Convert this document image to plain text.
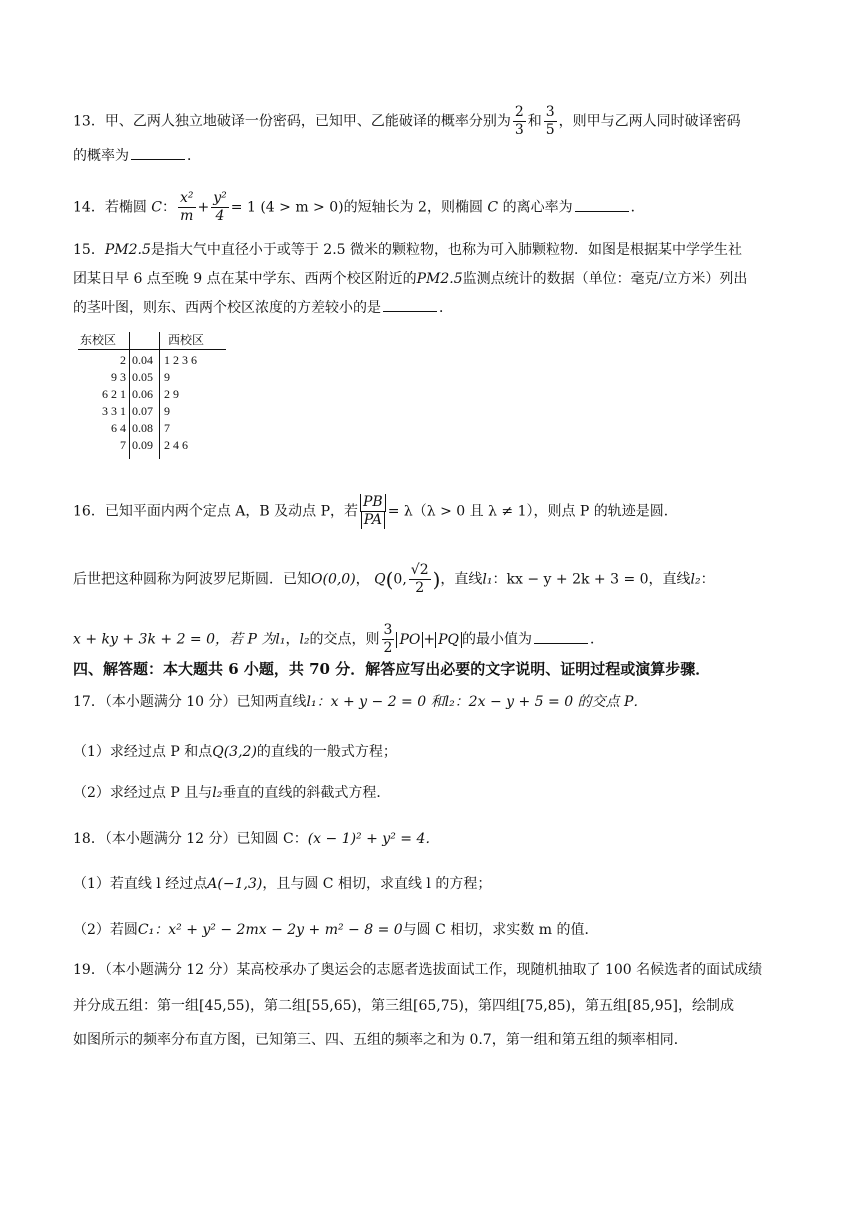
13．甲、乙两人独立地破译一份密码，已知甲、乙能破译的概率分别为 $\frac{2}{3}$ 和 $\frac{3}{5}$ ，则甲与乙两人同时破译密码
的概率为	．
14．若椭圆 C： $\frac{\text{x²}}{m} + \frac{\text{y²}}{4} = 1$ (4 > m > 0)的短轴长为 2，则椭圆 C 的离心率为	．
15．PM2.5是指大气中直径小于或等于 2.5 微米的颗粒物，也称为可入肺颗粒物．如图是根据某中学学生社
团某日早 6 点至晚 9 点在某中学东、西两个校区附近的PM2.5监测点统计的数据（单位：毫克/立方米）列出
的茎叶图，则东、西两个校区浓度的方差较小的是	．
东校区	西校区
2 0.04 1 2 3 6
9 3 0.05 9
6 2 1 0.06 2 9
3 3 1 0.07 9
6 4 0.08 7
7 0.09 2 4 6
16．已知平面内两个定点 A，B 及动点 P，若 $\frac{PB}{PA} = \lambda(\lambda > 0$ 且 λ ≠ 1），则点 P 的轨迹是圆．
后世把这种圆称为阿波罗尼斯圆．已知O(0,0)， Q(0, $\frac{√2}{2}$ )，直线l₁：kx − y + 2k + 3 = 0，直线l₂：
x + ky + 3k + 2 = 0，若 P 为l₁，l₂的交点，则 $\frac{3}{2}$ PO + PQ 的最小值为	．
四、解答题：本大题共 6 小题，共 70 分．解答应写出必要的文字说明、证明过程或演算步骤．
17．（本小题满分 10 分）已知两直线l₁：x + y − 2 = 0 和l₂：2x − y + 5 = 0 的交点 P．
（1）求经过点 P 和点Q(3,2)的直线的一般式方程；
（2）求经过点 P 且与l₂垂直的直线的斜截式方程．
18．（本小题满分 12 分）已知圆 C：(x − 1)² + y² = 4．
（1）若直线 l 经过点A(−1,3)，且与圆 C 相切，求直线 l 的方程；
（2）若圆C₁：x² + y² − 2mx − 2y + m² − 8 = 0与圆 C 相切，求实数 m 的值．
19．（本小题满分 12 分）某高校承办了奥运会的志愿者选拔面试工作，现随机抽取了 100 名候选者的面试成绩
并分成五组：第一组[45,55)，第二组[55,65)，第三组[65,75)，第四组[75,85)，第五组[85,95]，绘制成
如图所示的频率分布直方图，已知第三、四、五组的频率之和为 0.7，第一组和第五组的频率相同．
